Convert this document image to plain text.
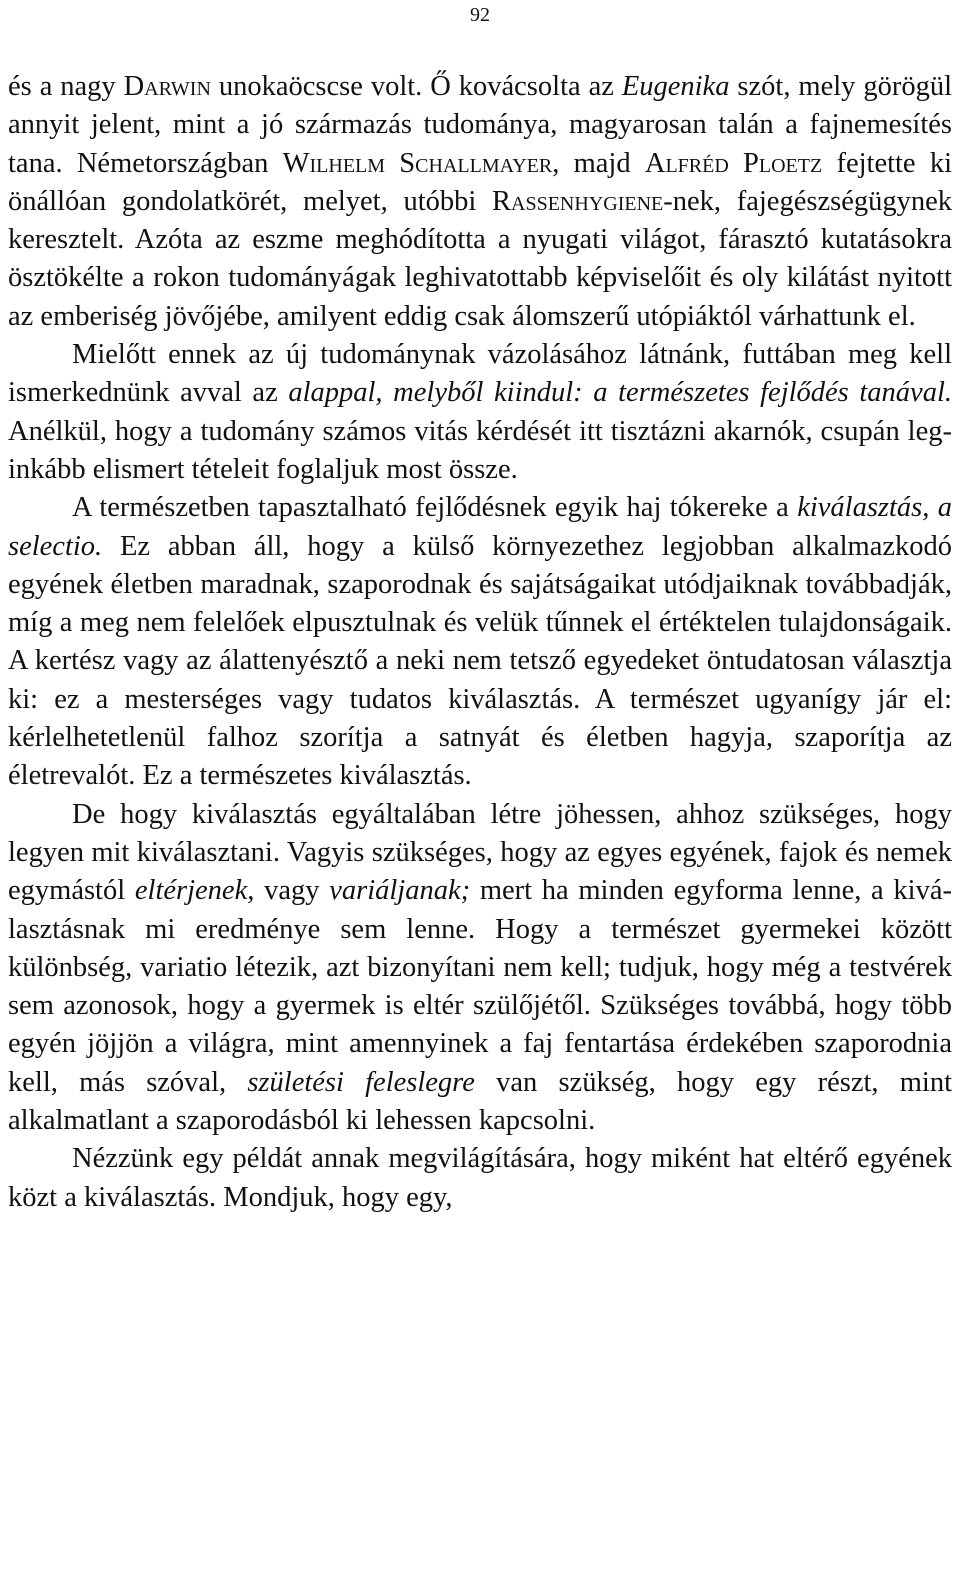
92

és a nagy Darwin unokaöcscse volt. Ő kovácsolta az Eugenika szót, mely görögül annyit jelent, mint a jó származás tudománya, magyarosan talán a fajnemesítés tana. Németországban Wilhelm Schallmayer, majd Alfréd Ploetz fejtette ki önállóan gondolatkörét, melyet, utóbbi Rassenhygiene-nek, fajegészségügynek keresztelt. Azóta az eszme meghódította a nyugati világot, fárasztó kutatásokra ösztökélte a rokon tudományágak leghivatottabb képviselőit és oly kilátást nyitott az emberiség jövőjébe, amilyent eddig csak álomszerű utópiáktól várhattunk el.

Mielőtt ennek az új tudománynak vázolásához látnánk, futtában meg kell ismerkednünk avval az alappal, melyből kiindul: a természetes fejlődés tanával. Anélkül, hogy a tudomány számos vitás kérdését itt tisztázni akarnók, csupán leginkább elismert tételeit foglaljuk most össze.

A természetben tapasztalható fejlődésnek egyik haj tókereke a kiválasztás, a selectio. Ez abban áll, hogy a külső környezethez legjobban alkalmazkodó egyének életben maradnak, szaporodnak és sajátságaikat utódjaiknak továbbadják, míg a meg nem felelőek elpusztulnak és velük tűnnek el értéktelen tulajdonságaik. A kertész vagy az álattenyésztő a neki nem tetsző egyedeket öntudatosan választja ki: ez a mesterséges vagy tudatos kiválasztás. A természet ugyanígy jár el: kérlelhetetlenül falhoz szorítja a satnyát és életben hagyja, szaporítja az életrevalót. Ez a természetes kiválasztás.

De hogy kiválasztás egyáltalában létre jöhessen, ahhoz szükséges, hogy legyen mit kiválasztani. Vagyis szükséges, hogy az egyes egyének, fajok és nemek egymástól eltérjenek, vagy variáljanak; mert ha minden egyforma lenne, a kiválasztásnak mi eredménye sem lenne. Hogy a természet gyermekei között különbség, variatio létezik, azt bizonyítani nem kell; tudjuk, hogy még a testvérek sem azonosok, hogy a gyermek is eltér szülőjétől. Szükséges továbbá, hogy több egyén jöjjön a világra, mint amennyinek a faj fentartása érdekében szaporodnia kell, más szóval, születési feleslegre van szükség, hogy egy részt, mint alkalmatlant a szaporodásból ki lehessen kapcsolni.

Nézzünk egy példát annak megvilágítására, hogy miként hat eltérő egyének közt a kiválasztás. Mondjuk, hogy egy,
